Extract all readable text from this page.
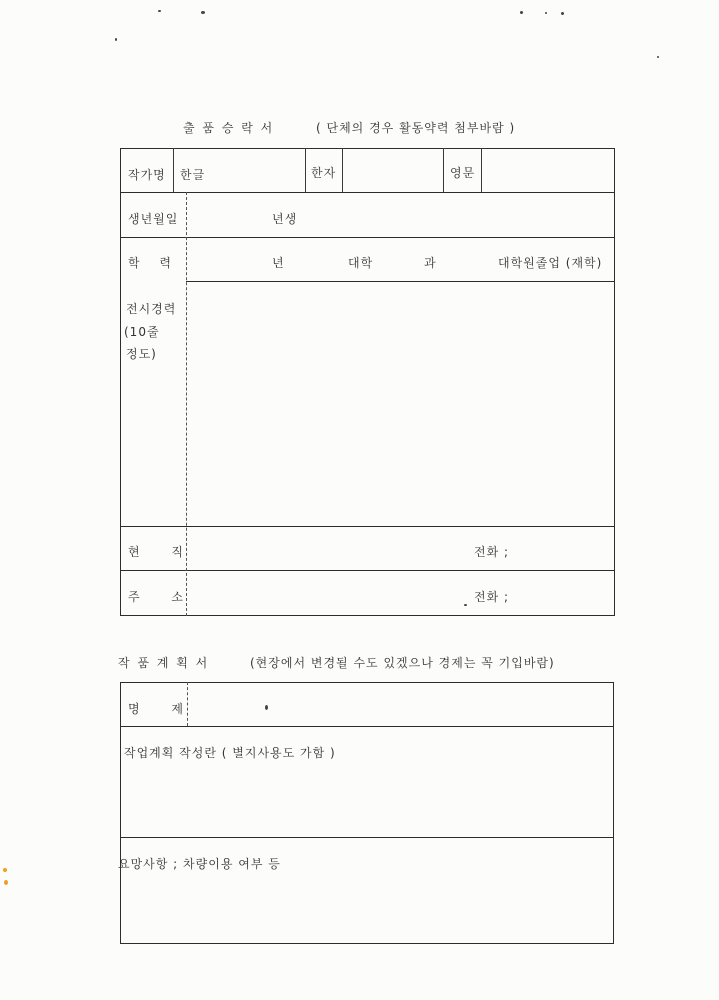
출 품 승 락 서	( 단체의 경우 활동약력 첨부바람 )
작가명 한글	한자	영문
생년월일	년생
학 력	년	대학	과	대학원졸업 (재학)
전시경력
(10줄
정도)
현 직	전화 ;
주 소	전화 ;
작 품 계 획 서	(현장에서 변경될 수도 있겠으나 경제는 꼭 기입바람)
명 제
작업계획 작성란 ( 별지사용도 가함 )
요망사항 ; 차량이용 여부 등
